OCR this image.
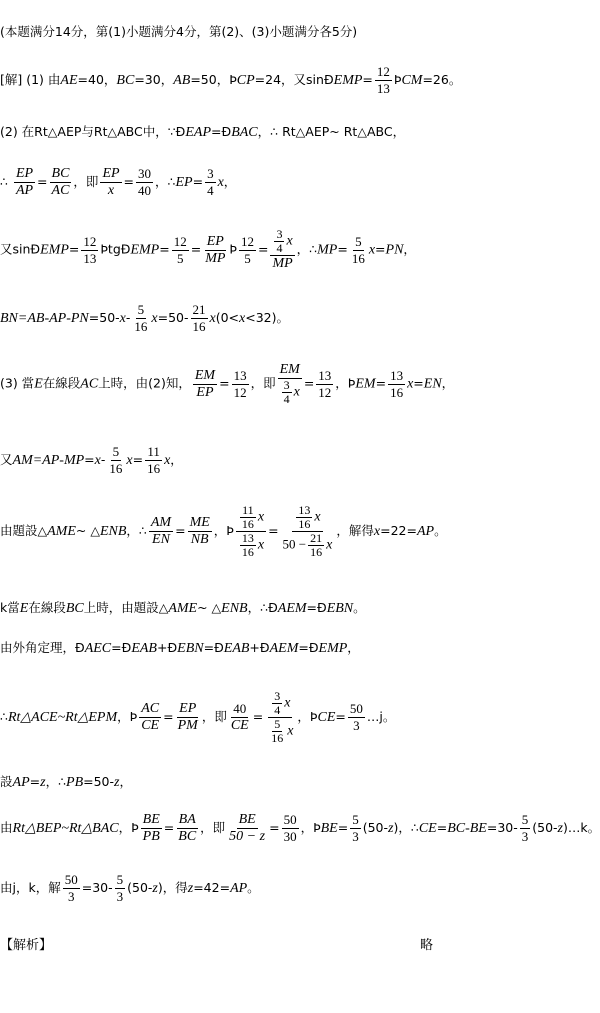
(本题满分14分，第(1)小题满分4分，第(2)、(3)小题满分各5分)
[解] (1) 由AE=40，BC=30，AB=50，ÞCP=24，又sinÐEMP= $\frac{12}{13}$ ÞCM=26。
(2) 在Rt△AEP与Rt△ABC中，∵ÐEAP=ÐBAC，∴ Rt△AEP~ Rt△ABC，
∴ $\frac{EP}{AP} = \frac{BC}{AC}$ ，即 $\frac{EP}{x} = \frac{30}{40}$ ，∴EP= $\frac{3}{4}$ x，
又sinÐEMP= $\frac{12}{13}$ ÞtgÐEMP= $\frac{12}{5} = \frac{EP}{MP}$ Þ $\frac{12}{5} = \frac{\frac{3}{4} x}{MP}$ ，∴MP= $\frac{5}{16} x=PN$，
$BN=AB-AP-PN=50-x- \frac{5}{16} x=50- \frac{21}{16} x(0<x<32)$。
(3) 當E在線段AC上時，由(2)知， $\frac{EM}{EP} = \frac{13}{12}$ ，即 $\frac{EM}{\frac{3}{4} x} = \frac{13}{12}$ ，ÞEM= $\frac{13}{16} x=EN$，
又$AM=AP-MP=x- \frac{5}{16} x= \frac{11}{16}$ x，
由題設△AME~ △ENB，∴ $\frac{AM}{EN} = \frac{ME}{NB}$ ，Þ $\frac{\frac{11}{16} x}{\frac{13}{16} x} = \frac{\frac{13}{16} x}{50 - \frac{21}{16} x}$ ，解得x=22=AP。
k當E在線段BC上時，由題設△AME~ △ENB，∴ÐAEM=ÐEBN。
由外角定理，ÐAEC=ÐEAB+ÐEBN=ÐEAB+ÐAEM=ÐEMP，
∴Rt△ACE~Rt△EPM，Þ $\frac{AC}{CE} = \frac{EP}{PM}$ ，即 $\frac{40}{CE} = \frac{\frac{3}{4} x}{\frac{5}{16} x}$ ，ÞCE= $\frac{50}{3}$ …j。
設AP=z，∴PB=50-z，
由Rt△BEP~Rt△BAC，Þ $\frac{BE}{PB} = \frac{BA}{BC}$ ，即 $\frac{BE}{50 - z} = \frac{50}{30}$ ，ÞBE= $\frac{5}{3} (50-z)$，∴CE=BC-BE=30- $\frac{5}{3}$ (50-z)…k。
由j，k，解 $\frac{50}{3} =30- \frac{5}{3} (50-z)$，得z=42=AP。
【解析】	略
